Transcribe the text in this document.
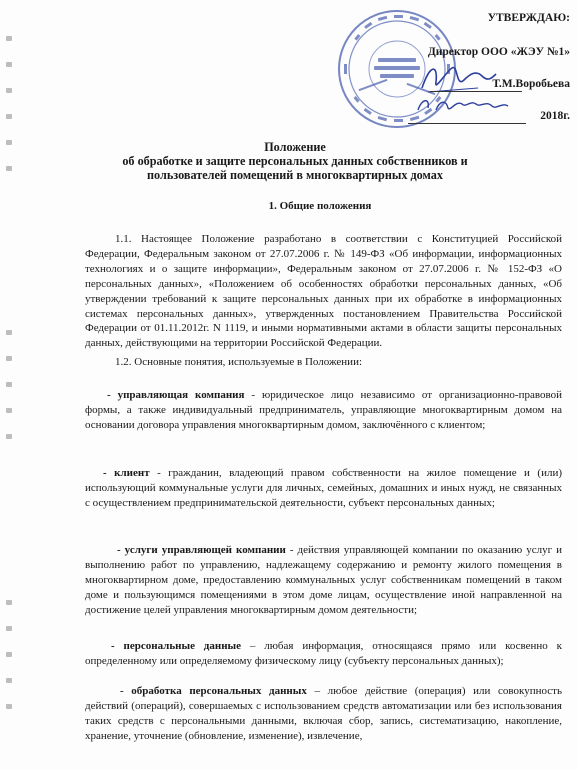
УТВЕРЖДАЮ:
Директор ООО «ЖЭУ №1»
Т.М.Воробьева
2018г.
Положение
об обработке и защите персональных данных собственников и
пользователей помещений в многоквартирных домах
1. Общие положения

1.1. Настоящее Положение разработано в соответствии с Конституцией Российской Федерации, Федеральным законом от 27.07.2006 г. № 149-ФЗ «Об информации, информационных технологиях и о защите информации», Федеральным законом от 27.07.2006 г. № 152-ФЗ «О персональных данных», «Положением об особенностях обработки персональных данных, «Об утверждении требований к защите персональных данных при их обработке в информационных системах персональных данных», утвержденных постановлением Правительства Российской Федерации от 01.11.2012г. N 1119, и иными нормативными актами в области защиты персональных данных, действующими на территории Российской Федерации.

1.2. Основные понятия, используемые в Положении:

- управляющая компания - юридическое лицо независимо от организационно-правовой формы, а также индивидуальный предприниматель, управляющие многоквартирным домом на основании договора управления многоквартирным домом, заключённого с клиентом;

- клиент - гражданин, владеющий правом собственности на жилое помещение и (или) использующий коммунальные услуги для личных, семейных, домашних и иных нужд, не связанных с осуществлением предпринимательской деятельности, субъект персональных данных;

- услуги управляющей компании - действия управляющей компании по оказанию услуг и выполнению работ по управлению, надлежащему содержанию и ремонту жилого помещения в многоквартирном доме, предоставлению коммунальных услуг собственникам помещений в таком доме и пользующимся помещениями в этом доме лицам, осуществление иной направленной на достижение целей управления многоквартирным домом деятельности;

- персональные данные – любая информация, относящаяся прямо или косвенно к определенному или определяемому физическому лицу (субъекту персональных данных);

- обработка персональных данных – любое действие (операция) или совокупность действий (операций), совершаемых с использованием средств автоматизации или без использования таких средств с персональными данными, включая сбор, запись, систематизацию, накопление, хранение, уточнение (обновление, изменение), извлечение,
